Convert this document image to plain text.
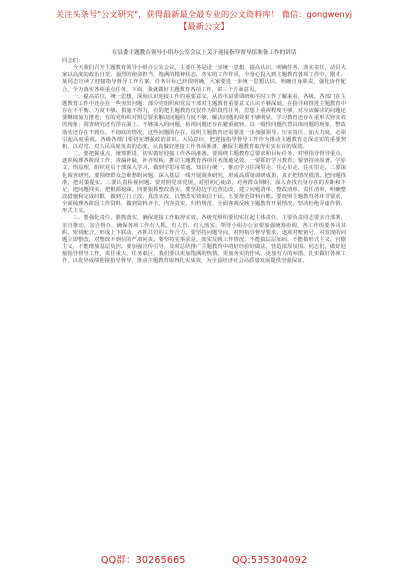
关注头条号"公文研究"，获得最新最全最专业的公文资料库！ 微信：gongwenyj
【最新公文】
在县委主题教育领导小组办公室会议上关于迎接指导督导组准备工作的讲话
同志们：

今天我们召开主题教育领导小组办公室会议，主要任务是进一步统一思想，提高认识，明确任务，落实责任，动员大家以高度的政治自觉、强烈的使命担当，饱满的精神状态，务实的工作作风，全身心投入到主题教育各项工作中，刚才，某同志宣读了迎接指导督导工作方案，任务目标已经很明确，大家要进一步统一思想认识，明确自身职责，强化协作配合，全力落实各项重点任务，下面，我就做好主题教育各项工作，讲三个方面意见。

一、提高站位，统一思想，深刻认识迎接工作的重要意义，从省市县委调研和平时工作了解来看，各级、各部门在主题教育工作中还存在一些突出问题：部分党组织和党员干部对主题教育重要意义认识不够深刻，在指导和推进主题教育中存在不平衡、力度不够、措施不得力，有的把主题教育仅仅作为阶段性任务，思想上重视程度不够，对应该解决的问题还要继续加力推进；有的党组织对照总要求解决问题的力度不够，解决问题的效果不够明显，学习教育还存在重形式轻实效的现象；调查研究还有浮在面上、不够深入的问题，检视问题还存在避重就轻、以一般性问题代替具体问题的现象，整改落实还存在不到位、不彻底的情况。这些问题的存在，说明主题教育还需要进一步加强领导、压实责任、加大力度，必须引起高度重视。各级各部门要切实增强政治意识、大局意识，把迎接指导督导工作作为推动主题教育走深走实的重要契机，以对党、对人民高度负责的态度，认真做好迎接工作各项准备，确保主题教育取得实实在在的成效。

二、要把握重点，统筹推进，切实做好迎接工作各项准备。要围绕主题教育总要求和目标任务，对照指导督导重点，逐项梳理各阶段工作，查漏补缺，补齐短板，推动主题教育各项任务落地见效。一要抓好学习教育。要坚持读原著、学原文、悟原理，组织党员干部深入学习，做到学思用贯通、知信行统一，推动学习往深里走、往心里走、往实里走。二要深化调查研究。要围绕群众急难愁盼问题，深入基层一线开展调查研究，形成高质量调研成果，真正把情况摸清、把问题找准、把对策提实。三要认真检视问题。要对照党章党规，对照初心使命，对照群众期盼，深入查找自身存在的差距和不足，把问题找实、把根源挖深。四要狠抓整改落实。要坚持边学边查边改，建立问题清单、整改清单、责任清单，明确整改措施和完成时限，做到立行立改、真改实改，以整改实效取信于民。五要规范资料台账。要按照主题教育各环节要求，全面梳理各阶段工作资料，做到资料齐全、内容真实、归档规范，全面客观反映主题教育开展情况，坚决杜绝弄虚作假、形式主义。

三、要强化责任，狠抓落实，确保迎接工作取得实效。各级党组织要切实扛起主体责任，主要负责同志要亲自部署、亲自推动、亲自督办，确保各项工作有人抓、有人管、有人落实。领导小组办公室要加强统筹协调，各工作组要各司其职、密切配合，形成上下联动、齐抓共管的工作合力。要坚持问题导向，对照指导督导要求，逐项对账销号，对发现的问题立即整改，对整改不到位的严肃问责。要坚持实事求是，如实反映工作情况，不能搞层层加码，不能搞形式主义、官僚主义，不能增加基层负担。要加强宣传引导，及时总结推广主题教育中的好经验好做法，营造浓厚氛围。同志们，做好迎接指导督导工作，责任重大、任务艰巨，我们要以更加饱满的热情、更加务实的作风、更加有力的举措，扎实做好各项工作，以优异成绩迎接指导督导，推动主题教育取得扎实成效，为全县经济社会高质量发展提供坚强保证。

QQ群：30265665	QQ:535304092
